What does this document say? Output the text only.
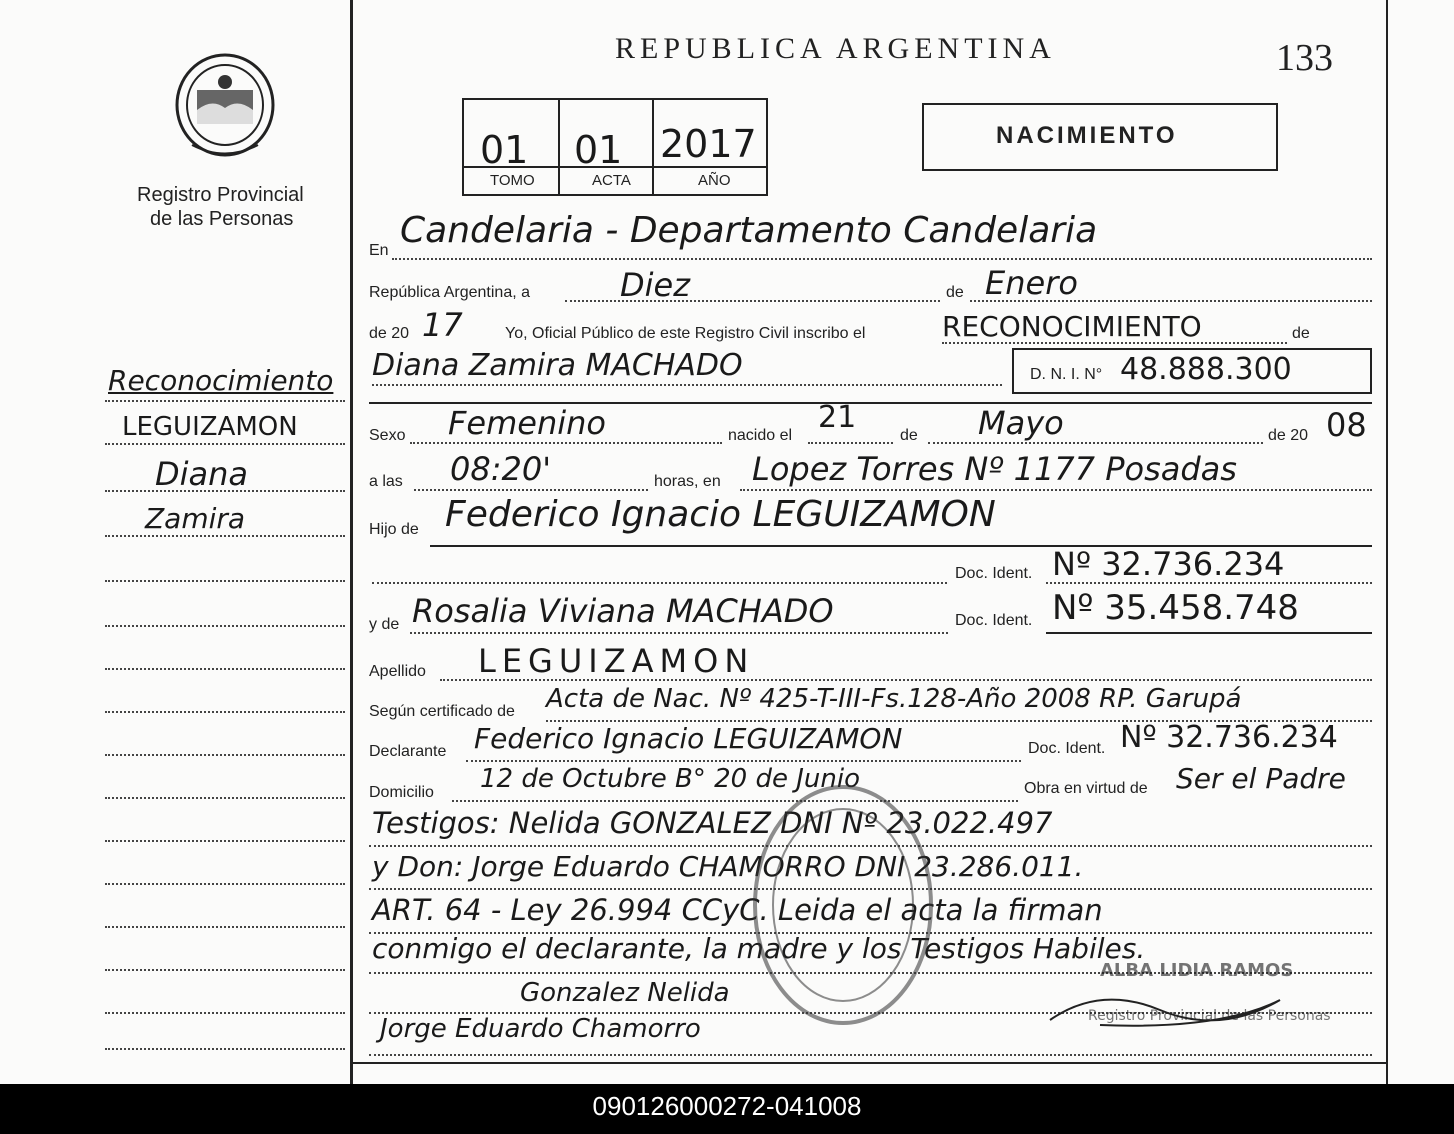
Registro Provincial
de las Personas
REPUBLICA ARGENTINA	133
01 01 2017
TOMO	ACTA	AÑO
NACIMIENTO
Reconocimiento
LEGUIZAMON
Diana
Zamira
En Candelaria - Departamento Candelaria
República Argentina, a	Diez	de Enero
de 20 17	Yo, Oficial Público de este Registro Civil inscribo el	RECONOCIMIENTO	de
Diana Zamira MACHADO	D. N. I. N° 48.888.300
Sexo Femenino	nacido el
21
de Mayo	de 20 08
a las 08:20'	horas, en Lopez Torres Nº 1177 Posadas
Hijo de Federico Ignacio LEGUIZAMON
Doc. Ident. Nº 32.736.234
y de Rosalia Viviana MACHADO	Doc. Ident. Nº 35.458.748
Apellido LEGUIZAMON
Según certificado de Acta de Nac. Nº 425-T-III-Fs.128-Año 2008 RP. Garupá
Declarante Federico Ignacio LEGUIZAMON	Doc. Ident. Nº 32.736.234
Domicilio 12 de Octubre B° 20 de Junio	Obra en virtud de Ser el Padre
Testigos: Nelida GONZALEZ DNI Nº 23.022.497
y Don: Jorge Eduardo CHAMORRO DNI 23.286.011.
ART. 64 - Ley 26.994 CCyC. Leida el acta la firman
conmigo el declarante, la madre y los Testigos Habiles.
Gonzalez Nelida
Jorge Eduardo Chamorro
ALBA LIDIA RAMOS
Registro Provincial de las Personas
090126000272-041008
